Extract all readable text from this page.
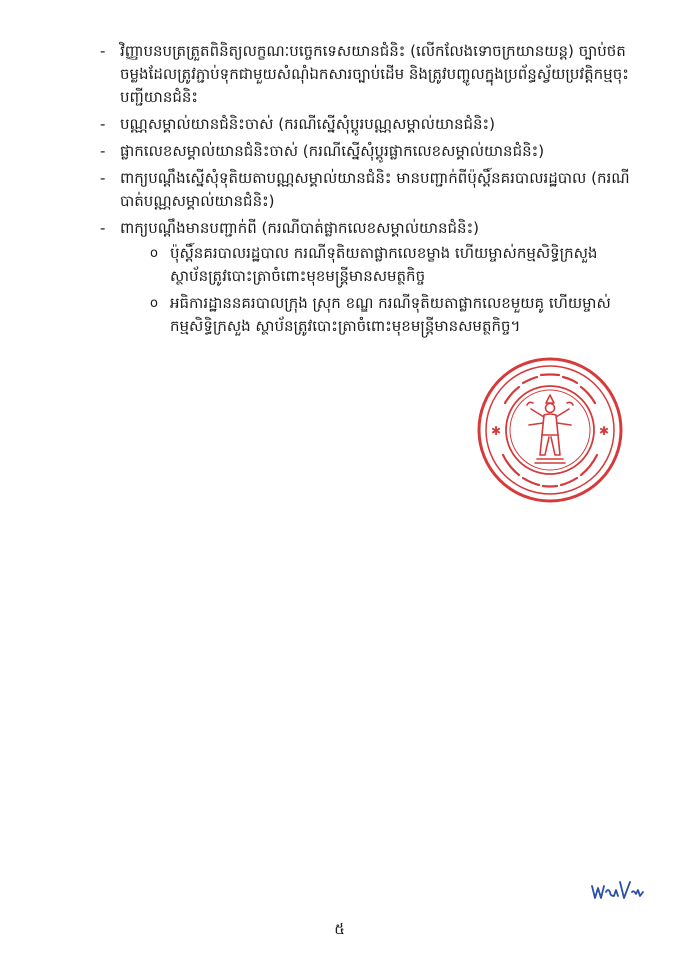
- វិញ្ញាបនបត្រត្រួតពិនិត្យលក្ខណៈបច្ចេកទេសយានជំនិះ (លើកលែងទោចក្រយានយន្ត) ច្បាប់ថតចម្លងដែលត្រូវភ្ជាប់ទុកជាមួយសំណុំឯកសារច្បាប់ដើម និងត្រូវបញ្ចូលក្នុងប្រព័ន្ធស្វ័យប្រវត្តិកម្មចុះបញ្ជីយានជំនិះ
- បណ្ណសម្គាល់យានជំនិះចាស់ (ករណីស្នើសុំប្តូរបណ្ណសម្គាល់យានជំនិះ)
- ផ្លាកលេខសម្គាល់យានជំនិះចាស់ (ករណីស្នើសុំប្តូរផ្លាកលេខសម្គាល់យានជំនិះ)
- ពាក្យបណ្តឹងស្នើសុំទុតិយតាបណ្ណសម្គាល់យានជំនិះ មានបញ្ជាក់ពីប៉ុស្តិ៍នគរបាលរដ្ឋបាល (ករណីបាត់បណ្ណសម្គាល់យានជំនិះ)
- ពាក្យបណ្តឹងមានបញ្ជាក់ពី (ករណីបាត់ផ្លាកលេខសម្គាល់យានជំនិះ)
o ប៉ុស្តិ៍នគរបាលរដ្ឋបាល ករណីទុតិយតាផ្លាកលេខម្ខាង ហើយម្ចាស់កម្មសិទ្ធិក្រសួង ស្ថាប័នត្រូវបោះត្រាចំពោះមុខមន្ត្រីមានសមត្ថកិច្ច
o អធិការដ្ឋាននគរបាលក្រុង ស្រុក ខណ្ឌ ករណីទុតិយតាផ្លាកលេខមួយគូ ហើយម្ចាស់កម្មសិទ្ធិក្រសួង ស្ថាប័នត្រូវបោះត្រាចំពោះមុខមន្ត្រីមានសមត្ថកិច្ច។
✱	✱
៥
